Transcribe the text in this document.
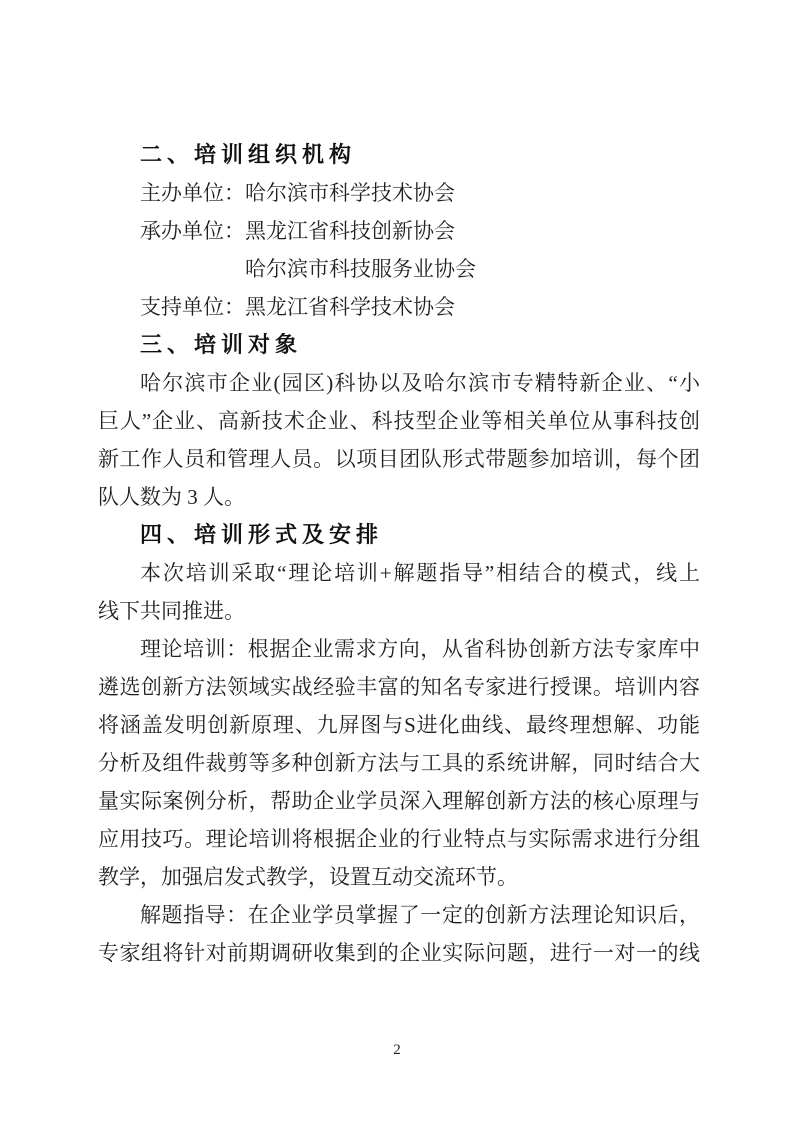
二、培训组织机构
主办单位：哈尔滨市科学技术协会
承办单位：黑龙江省科技创新协会
哈尔滨市科技服务业协会
支持单位：黑龙江省科学技术协会
三、培训对象
哈尔滨市企业(园区)科协以及哈尔滨市专精特新企业、“小
巨人”企业、高新技术企业、科技型企业等相关单位从事科技创
新工作人员和管理人员。以项目团队形式带题参加培训，每个团
队人数为 3 人。
四、培训形式及安排
本次培训采取“理论培训+解题指导”相结合的模式，线上
线下共同推进。
理论培训：根据企业需求方向，从省科协创新方法专家库中
遴选创新方法领域实战经验丰富的知名专家进行授课。培训内容
将涵盖发明创新原理、九屏图与S进化曲线、最终理想解、功能
分析及组件裁剪等多种创新方法与工具的系统讲解，同时结合大
量实际案例分析，帮助企业学员深入理解创新方法的核心原理与
应用技巧。理论培训将根据企业的行业特点与实际需求进行分组
教学，加强启发式教学，设置互动交流环节。
解题指导：在企业学员掌握了一定的创新方法理论知识后，
专家组将针对前期调研收集到的企业实际问题，进行一对一的线
2
